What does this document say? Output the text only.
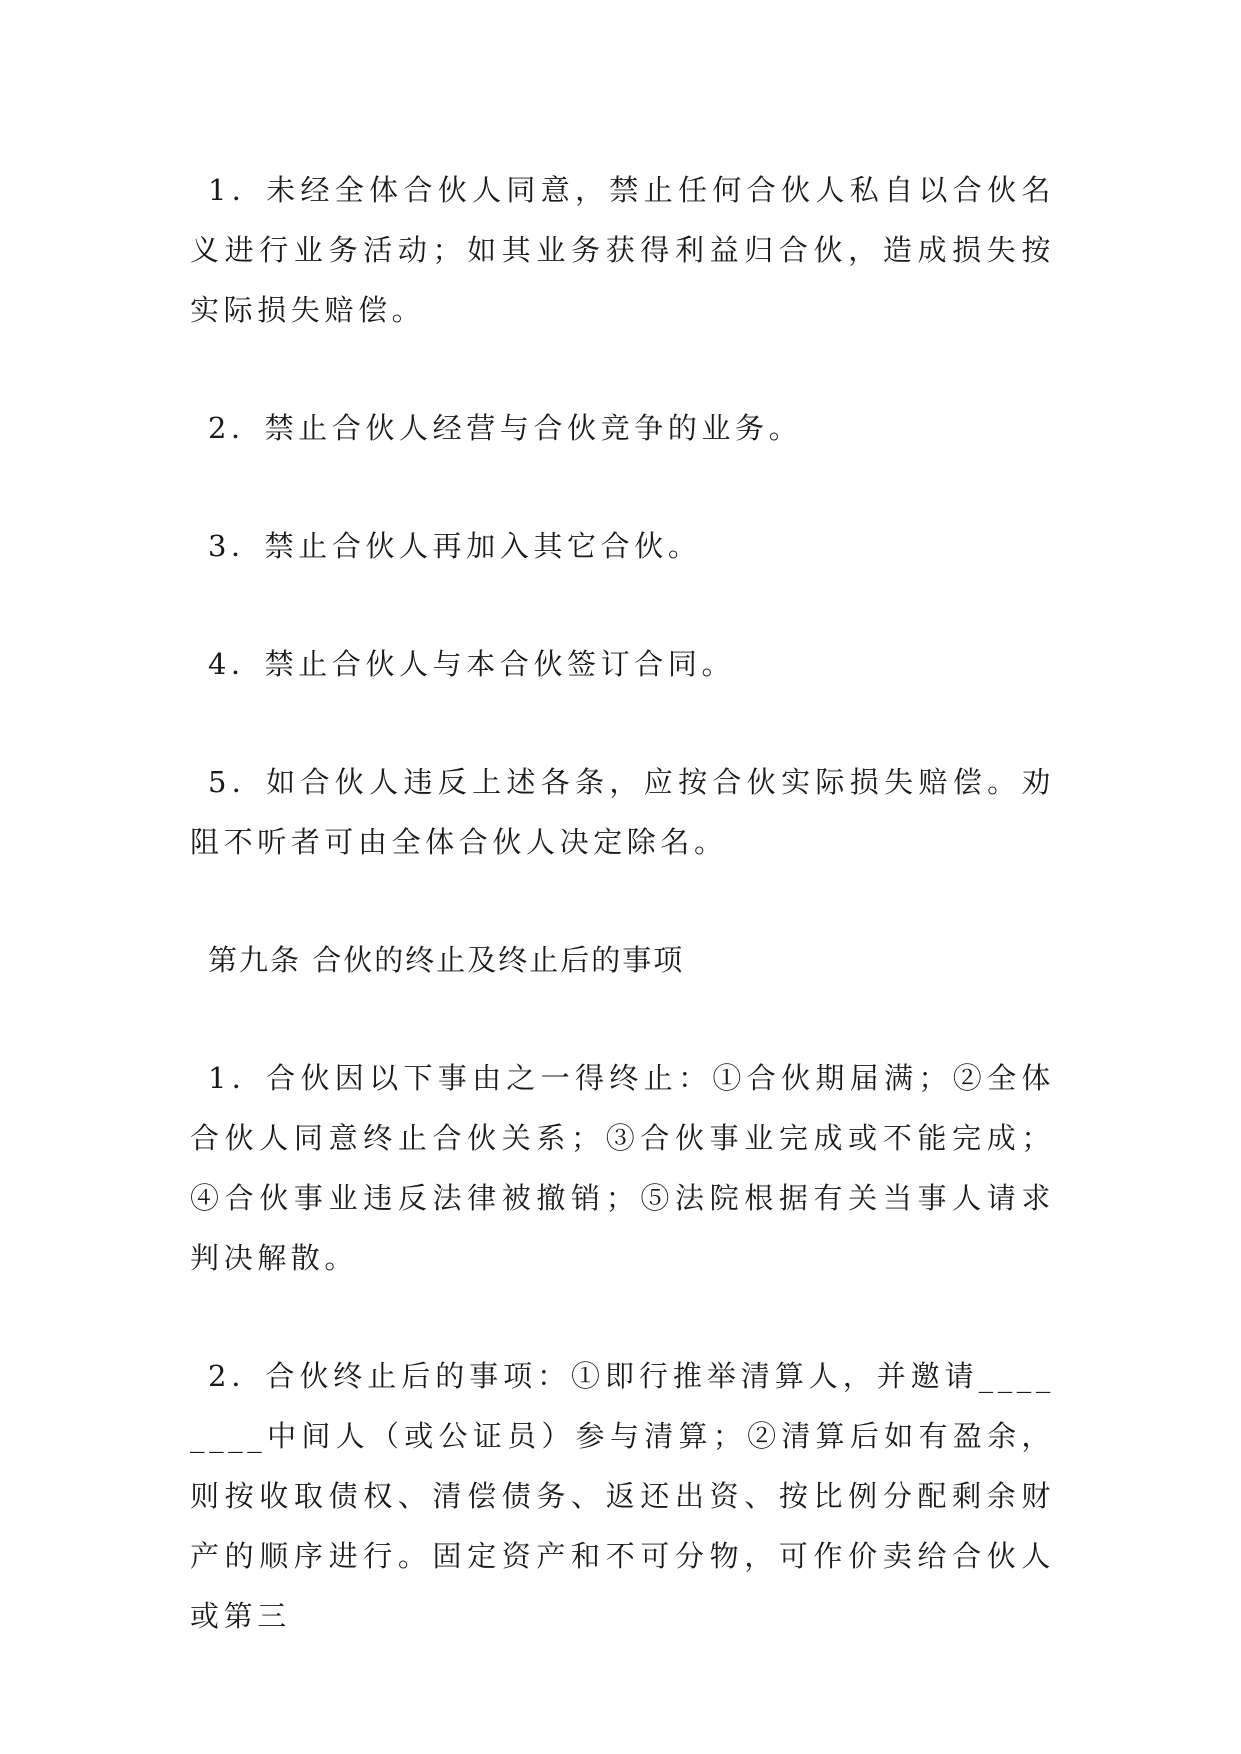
1．未经全体合伙人同意，禁止任何合伙人私自以合伙名义进行业务活动；如其业务获得利益归合伙，造成损失按实际损失赔偿。

2．禁止合伙人经营与合伙竞争的业务。

3．禁止合伙人再加入其它合伙。

4．禁止合伙人与本合伙签订合同。

5．如合伙人违反上述各条，应按合伙实际损失赔偿。劝阻不听者可由全体合伙人决定除名。

第九条 合伙的终止及终止后的事项

1．合伙因以下事由之一得终止：①合伙期届满；②全体合伙人同意终止合伙关系；③合伙事业完成或不能完成；④合伙事业违反法律被撤销；⑤法院根据有关当事人请求判决解散。

2．合伙终止后的事项：①即行推举清算人，并邀请________中间人（或公证员）参与清算；②清算后如有盈余，则按收取债权、清偿债务、返还出资、按比例分配剩余财产的顺序进行。固定资产和不可分物，可作价卖给合伙人或第三
